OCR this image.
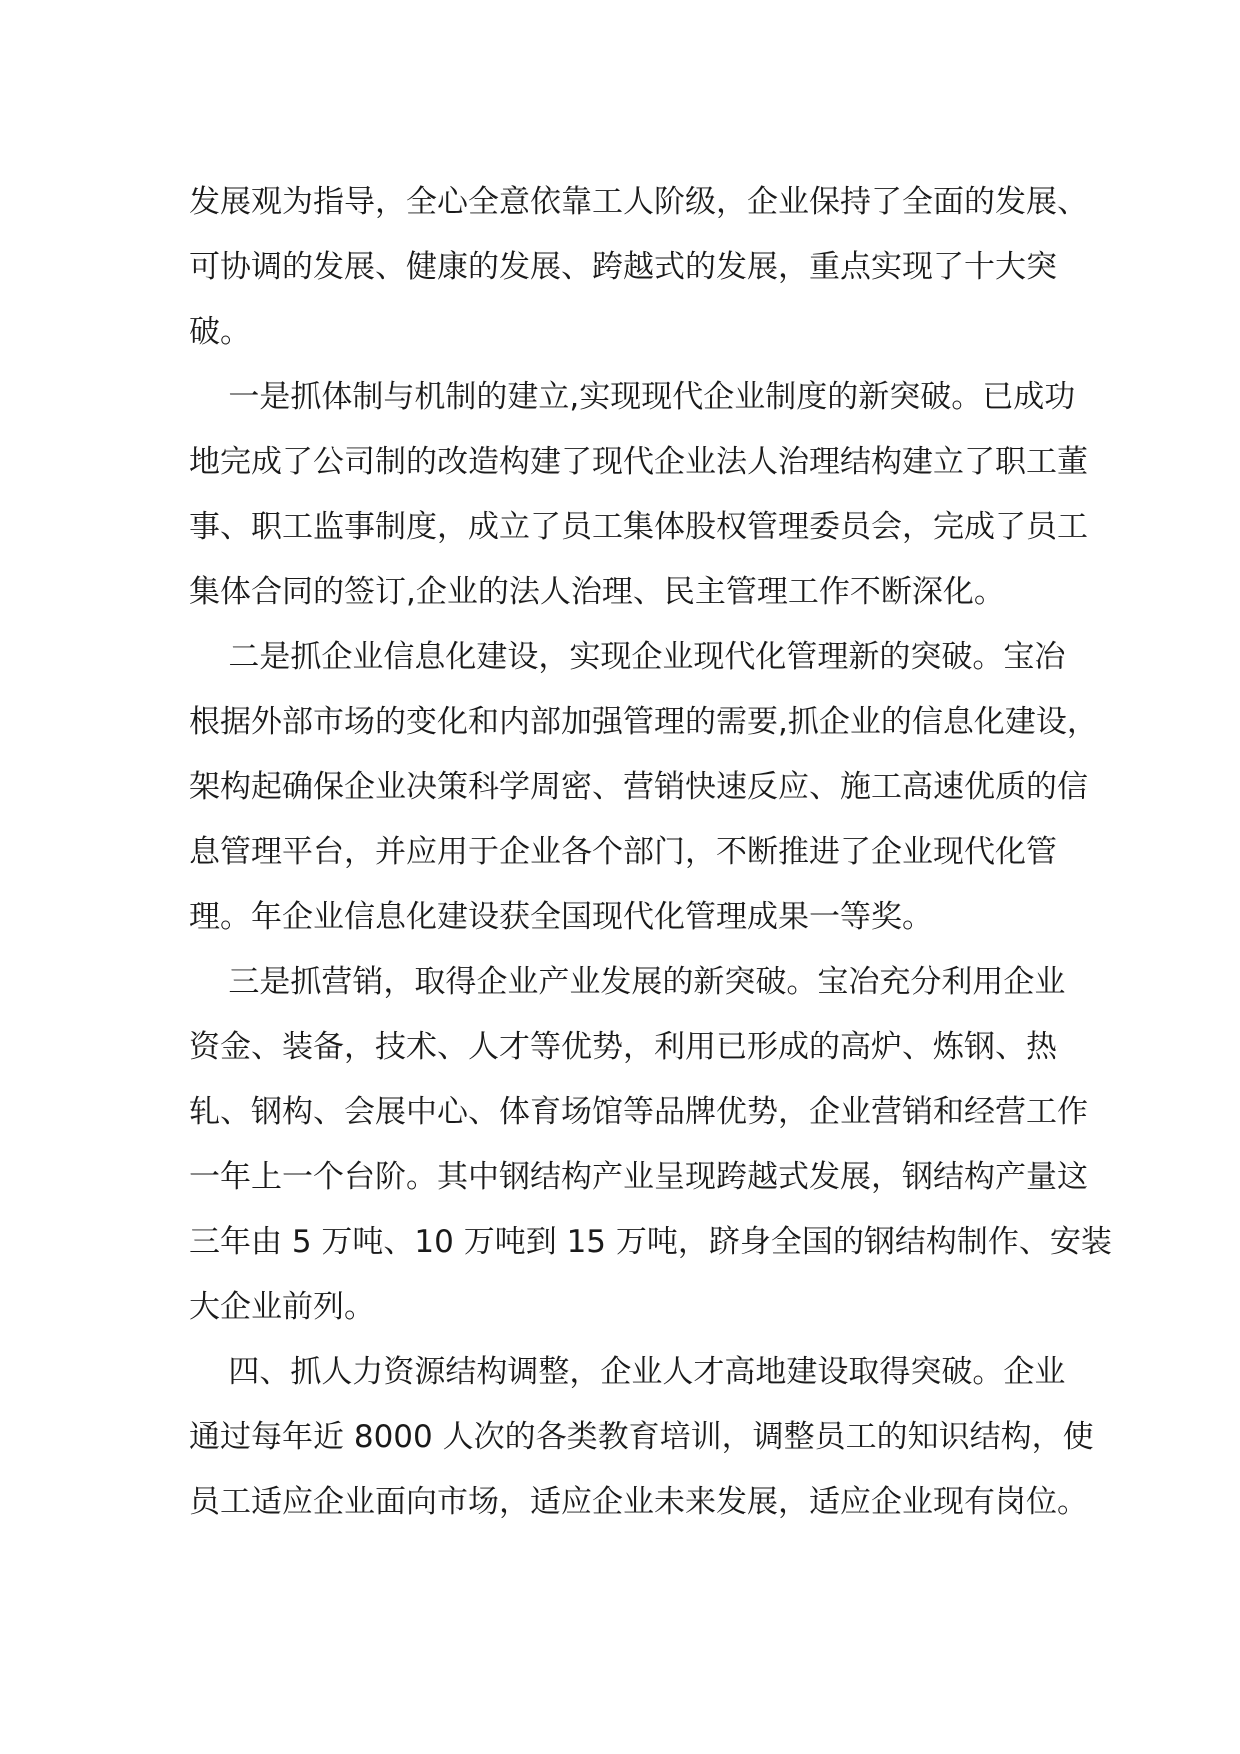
发展观为指导，全心全意依靠工人阶级，企业保持了全面的发展、
可协调的发展、健康的发展、跨越式的发展，重点实现了十大突
破。
一是抓体制与机制的建立,实现现代企业制度的新突破。已成功
地完成了公司制的改造构建了现代企业法人治理结构建立了职工董
事、职工监事制度，成立了员工集体股权管理委员会，完成了员工
集体合同的签订,企业的法人治理、民主管理工作不断深化。
二是抓企业信息化建设，实现企业现代化管理新的突破。宝冶
根据外部市场的变化和内部加强管理的需要,抓企业的信息化建设，
架构起确保企业决策科学周密、营销快速反应、施工高速优质的信
息管理平台，并应用于企业各个部门，不断推进了企业现代化管
理。年企业信息化建设获全国现代化管理成果一等奖。
三是抓营销，取得企业产业发展的新突破。宝冶充分利用企业
资金、装备，技术、人才等优势，利用已形成的高炉、炼钢、热
轧、钢构、会展中心、体育场馆等品牌优势，企业营销和经营工作
一年上一个台阶。其中钢结构产业呈现跨越式发展，钢结构产量这
三年由 5 万吨、10 万吨到 15 万吨，跻身全国的钢结构制作、安装
大企业前列。
四、抓人力资源结构调整，企业人才高地建设取得突破。企业
通过每年近 8000 人次的各类教育培训，调整员工的知识结构，使
员工适应企业面向市场，适应企业未来发展，适应企业现有岗位。
